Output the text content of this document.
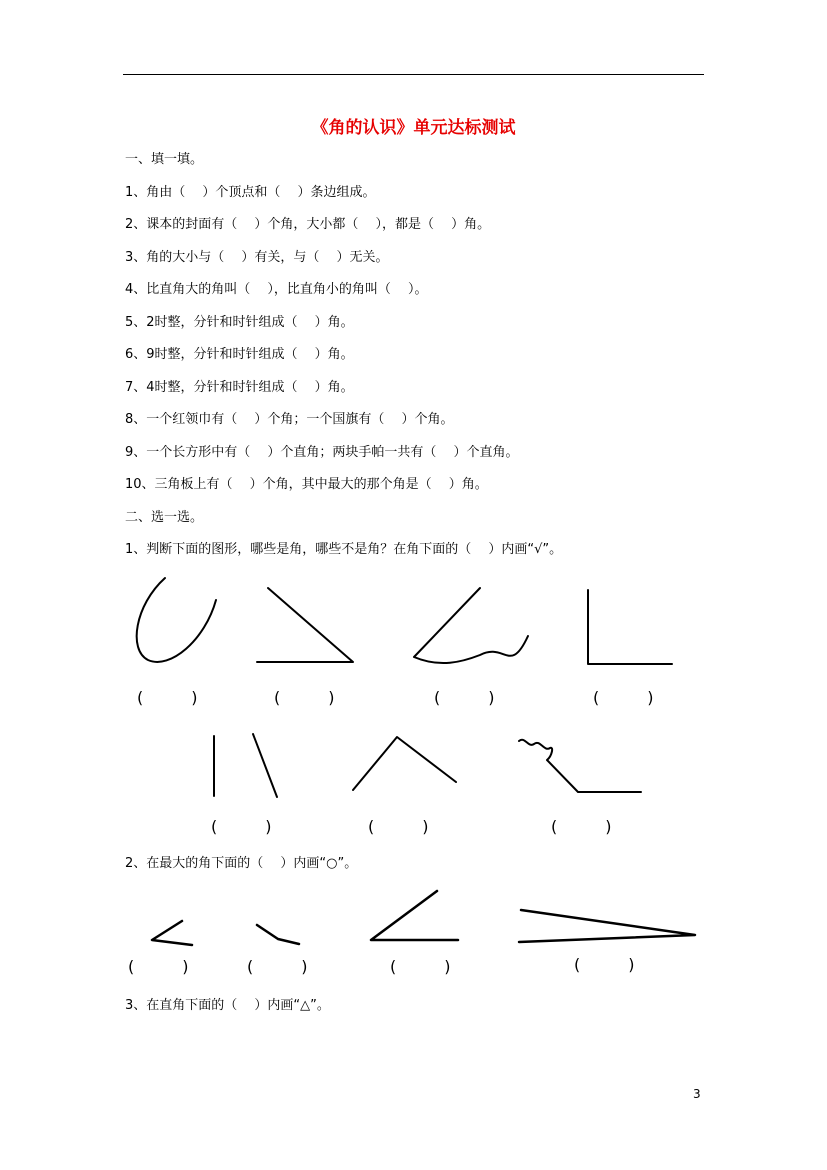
《角的认识》单元达标测试
一、填一填。
1、角由（　 ）个顶点和（　 ）条边组成。
2、课本的封面有（　 ）个角，大小都（　 ），都是（　 ）角。
3、角的大小与（　 ）有关，与（　 ）无关。
4、比直角大的角叫（　 ），比直角小的角叫（　 ）。
5、2时整，分针和时针组成（　 ）角。
6、9时整，分针和时针组成（　 ）角。
7、4时整，分针和时针组成（　 ）角。
8、一个红领巾有（　 ）个角；一个国旗有（　 ）个角。
9、一个长方形中有（　 ）个直角；两块手帕一共有（　 ）个直角。
10、三角板上有（　 ）个角，其中最大的那个角是（　 ）角。
二、选一选。
1、判断下面的图形，哪些是角，哪些不是角？在角下面的（　 ）内画“√”。
(　　　)	(　　　)	(　　　)	(　　　)
(　　　)	(　　　)	(　　　)
2、在最大的角下面的（　 ）内画“○”。
(　　　)	(　　　)	(　　　)	(　　　)
3、在直角下面的（　 ）内画“△”。
3
